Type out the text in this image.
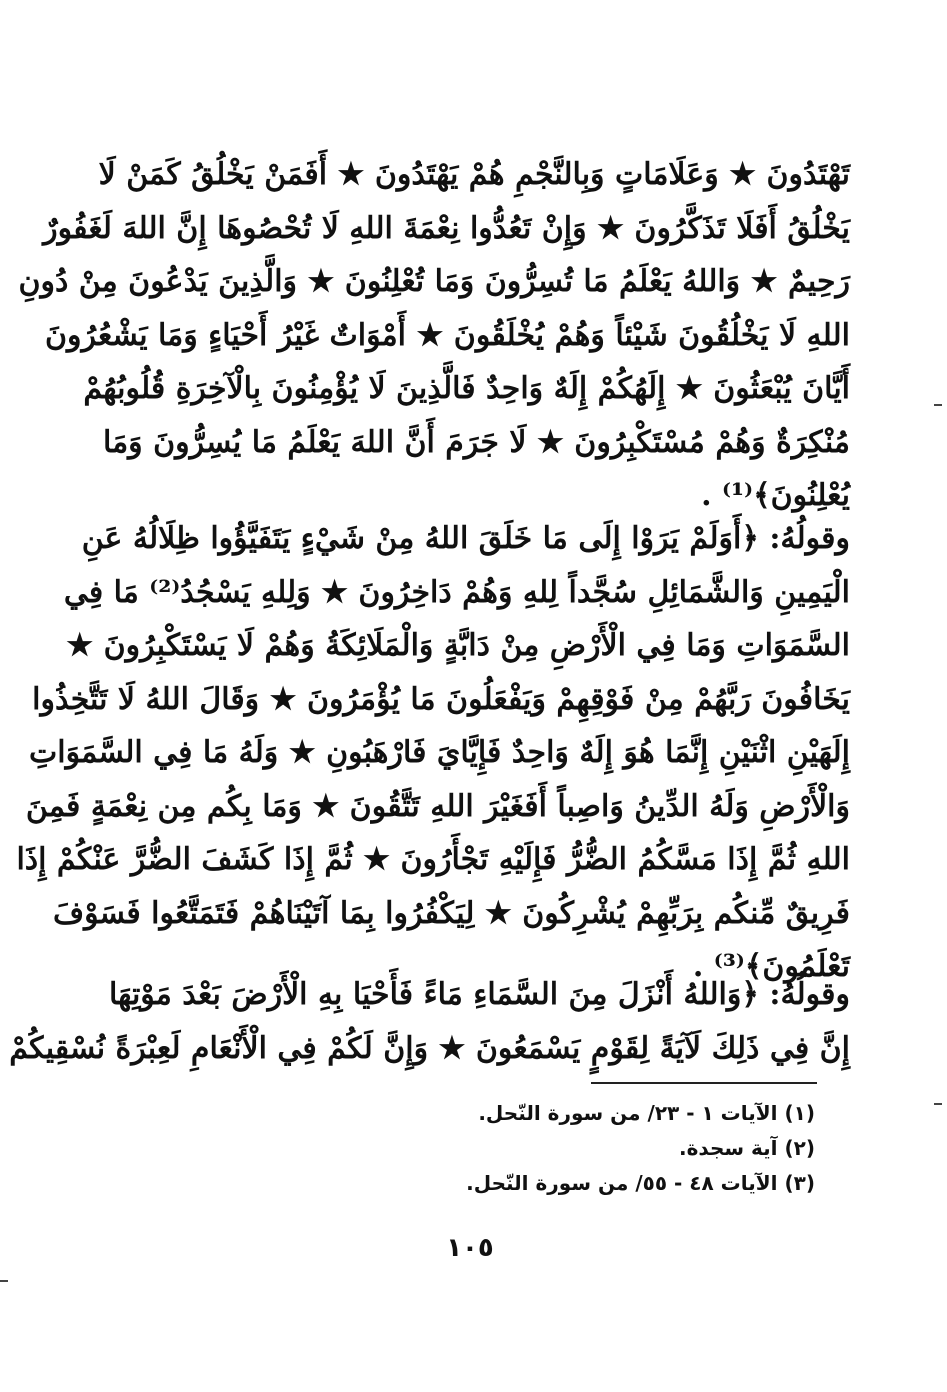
تَهْتَدُونَ ★ وَعَلَامَاتٍ وَبِالنَّجْمِ هُمْ يَهْتَدُونَ ★ أَفَمَنْ يَخْلُقُ كَمَنْ لَا
يَخْلُقُ أَفَلَا تَذَكَّرُونَ ★ وَإِنْ تَعُدُّوا نِعْمَةَ اللهِ لَا تُحْصُوهَا إِنَّ اللهَ لَغَفُورٌ
رَحِيمٌ ★ وَاللهُ يَعْلَمُ مَا تُسِرُّونَ وَمَا تُعْلِنُونَ ★ وَالَّذِينَ يَدْعُونَ مِنْ دُونِ
اللهِ لَا يَخْلُقُونَ شَيْئاً وَهُمْ يُخْلَقُونَ ★ أَمْوَاتٌ غَيْرُ أَحْيَاءٍ وَمَا يَشْعُرُونَ
أَيَّانَ يُبْعَثُونَ ★ إِلَهُكُمْ إِلَهٌ وَاحِدٌ فَالَّذِينَ لَا يُؤْمِنُونَ بِالْآخِرَةِ قُلُوبُهُمْ
مُنْكِرَةٌ وَهُمْ مُسْتَكْبِرُونَ ★ لَا جَرَمَ أَنَّ اللهَ يَعْلَمُ مَا يُسِرُّونَ وَمَا
يُعْلِنُونَ﴾⁽¹⁾ .
وقولُهُ: ﴿أَوَلَمْ يَرَوْا إِلَى مَا خَلَقَ اللهُ مِنْ شَيْءٍ يَتَفَيَّؤُوا ظِلَالُهُ عَنِ
الْيَمِينِ وَالشَّمَائِلِ سُجَّداً لِلهِ وَهُمْ دَاخِرُونَ ★ وَلِلهِ يَسْجُدُ⁽²⁾ مَا فِي
السَّمَوَاتِ وَمَا فِي الْأَرْضِ مِنْ دَابَّةٍ وَالْمَلَائِكَةُ وَهُمْ لَا يَسْتَكْبِرُونَ ★
يَخَافُونَ رَبَّهُمْ مِنْ فَوْقِهِمْ وَيَفْعَلُونَ مَا يُؤْمَرُونَ ★ وَقَالَ اللهُ لَا تَتَّخِذُوا
إِلَهَيْنِ اثْنَيْنِ إِنَّمَا هُوَ إِلَهٌ وَاحِدٌ فَإِيَّايَ فَارْهَبُونِ ★ وَلَهُ مَا فِي السَّمَوَاتِ
وَالْأَرْضِ وَلَهُ الدِّينُ وَاصِباً أَفَغَيْرَ اللهِ تَتَّقُونَ ★ وَمَا بِكُم مِن نِعْمَةٍ فَمِنَ
اللهِ ثُمَّ إِذَا مَسَّكُمُ الضُّرُّ فَإِلَيْهِ تَجْأَرُونَ ★ ثُمَّ إِذَا كَشَفَ الضُّرَّ عَنْكُمْ إِذَا
فَرِيقٌ مِّنكُم بِرَبِّهِمْ يُشْرِكُونَ ★ لِيَكْفُرُوا بِمَا آتَيْنَاهُمْ فَتَمَتَّعُوا فَسَوْفَ
تَعْلَمُونَ﴾⁽³⁾ .
وقولُهُ: ﴿وَاللهُ أَنْزَلَ مِنَ السَّمَاءِ مَاءً فَأَحْيَا بِهِ الْأَرْضَ بَعْدَ مَوْتِهَا
إِنَّ فِي ذَلِكَ لَآيَةً لِقَوْمٍ يَسْمَعُونَ ★ وَإِنَّ لَكُمْ فِي الْأَنْعَامِ لَعِبْرَةً نُسْقِيكُمْ
(١) الآيات ١ - ٢٣/ من سورة النّحل.
(٢) آية سجدة.
(٣) الآيات ٤٨ - ٥٥/ من سورة النّحل.
١٠٥
